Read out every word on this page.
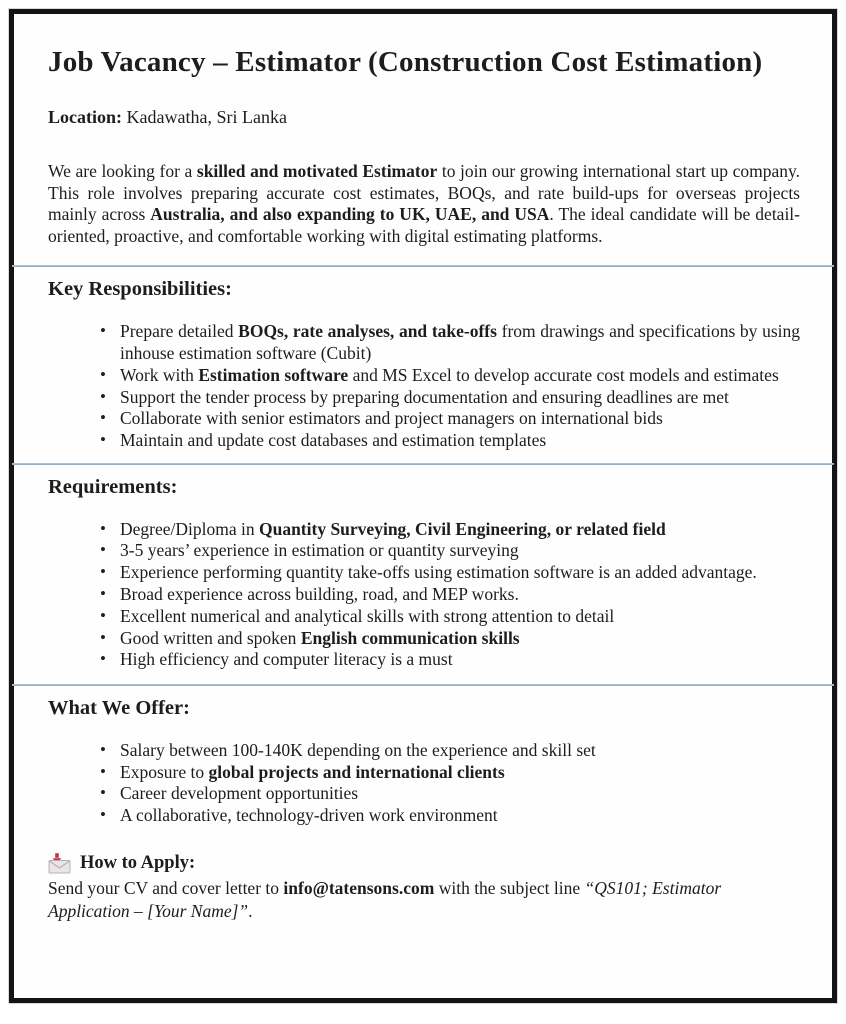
Job Vacancy – Estimator (Construction Cost Estimation)
Location: Kadawatha, Sri Lanka

We are looking for a skilled and motivated Estimator to join our growing international start up company. This role involves preparing accurate cost estimates, BOQs, and rate build-ups for overseas projects mainly across Australia, and also expanding to UK, UAE, and USA. The ideal candidate will be detail-oriented, proactive, and comfortable working with digital estimating platforms.

Key Responsibilities:
• Prepare detailed BOQs, rate analyses, and take-offs from drawings and specifications by using inhouse estimation software (Cubit)
• Work with Estimation software and MS Excel to develop accurate cost models and estimates
• Support the tender process by preparing documentation and ensuring deadlines are met
• Collaborate with senior estimators and project managers on international bids
• Maintain and update cost databases and estimation templates
Requirements:
• Degree/Diploma in Quantity Surveying, Civil Engineering, or related field
• 3-5 years’ experience in estimation or quantity surveying
• Experience performing quantity take-offs using estimation software is an added advantage.
• Broad experience across building, road, and MEP works.
• Excellent numerical and analytical skills with strong attention to detail
• Good written and spoken English communication skills
• High efficiency and computer literacy is a must
What We Offer:
• Salary between 100-140K depending on the experience and skill set
• Exposure to global projects and international clients
• Career development opportunities
• A collaborative, technology-driven work environment
How to Apply:

Send your CV and cover letter to info@tatensons.com with the subject line “QS101; Estimator Application – [Your Name]”.
